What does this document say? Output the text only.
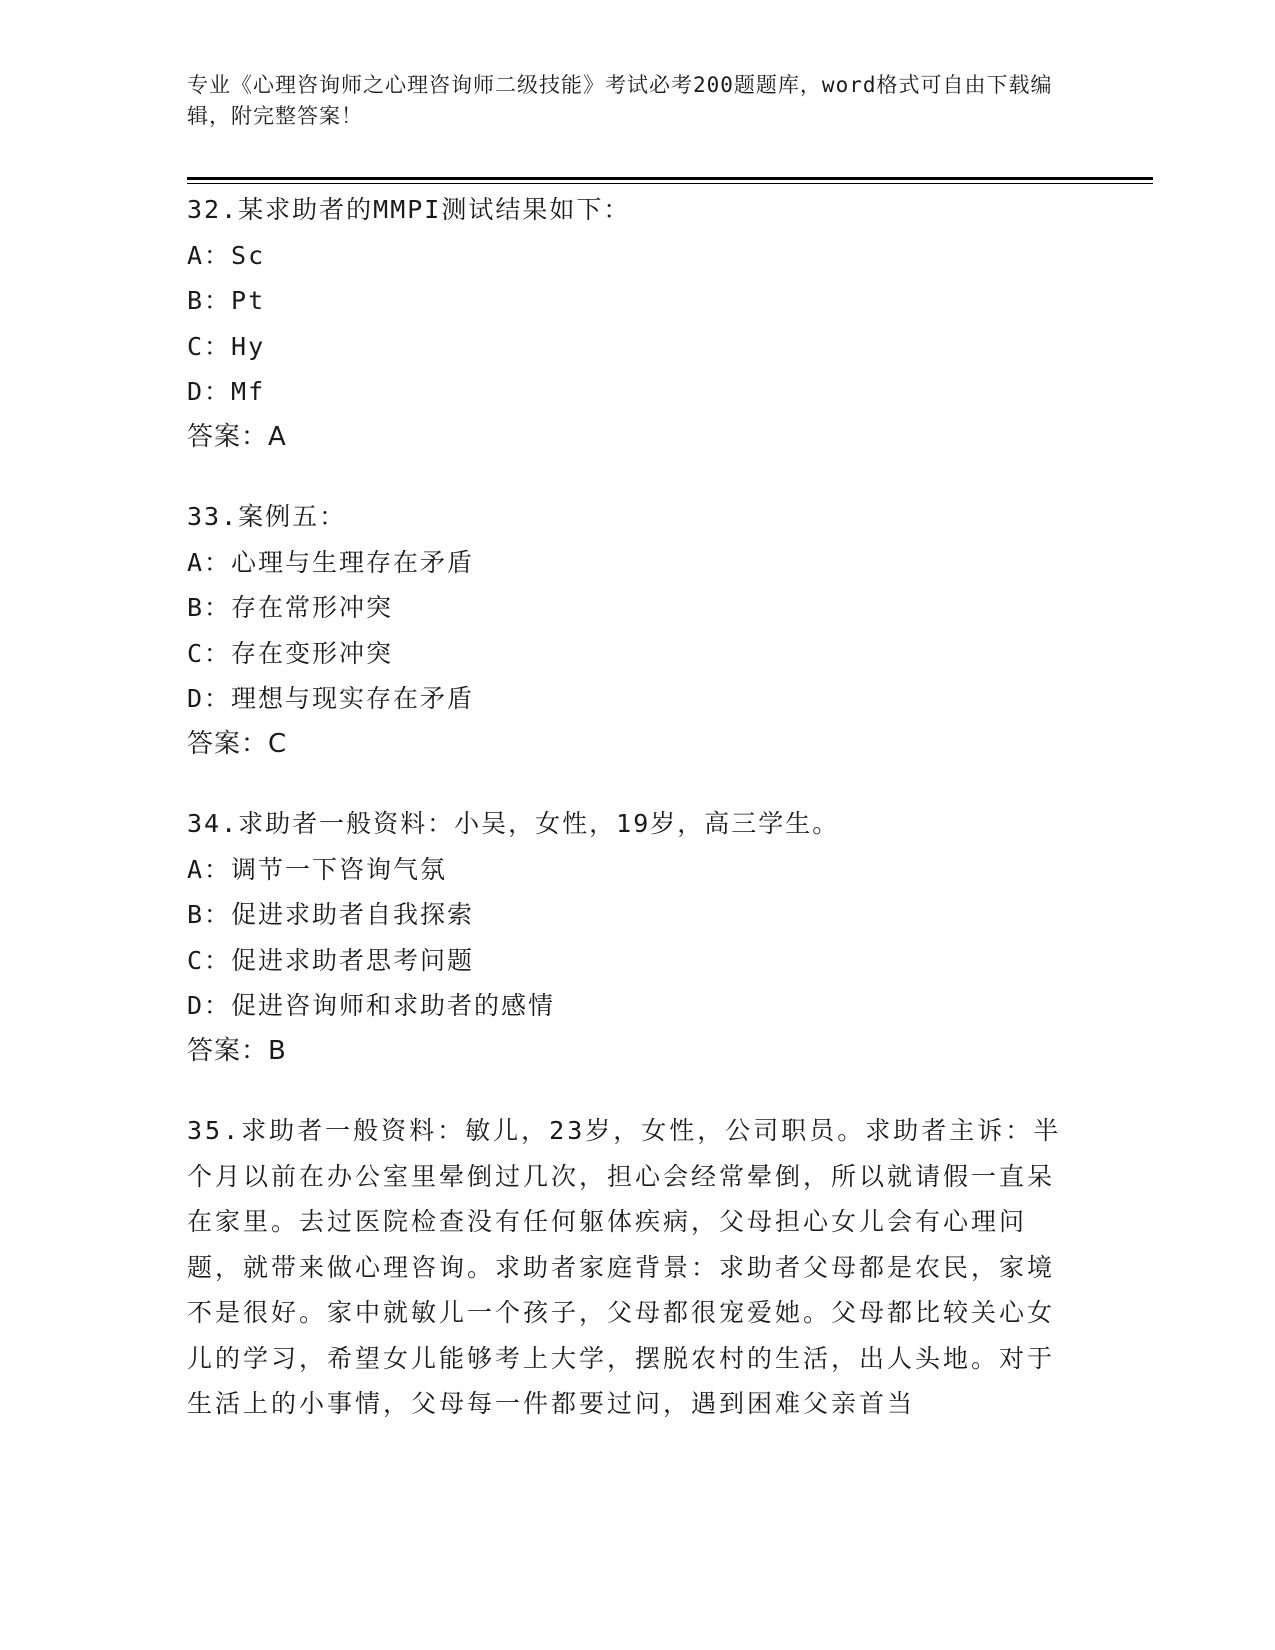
专业《心理咨询师之心理咨询师二级技能》考试必考200题题库，word格式可自由下载编辑，附完整答案！
32.某求助者的MMPI测试结果如下：
A：Sc
B：Pt
C：Hy
D：Mf
答案：A
33.案例五：
A：心理与生理存在矛盾
B：存在常形冲突
C：存在变形冲突
D：理想与现实存在矛盾
答案：C
34.求助者一般资料：小吴，女性，19岁，高三学生。
A：调节一下咨询气氛
B：促进求助者自我探索
C：促进求助者思考问题
D：促进咨询师和求助者的感情
答案：B
35.求助者一般资料：敏儿，23岁，女性，公司职员。求助者主诉：半个月以前在办公室里晕倒过几次，担心会经常晕倒，所以就请假一直呆在家里。去过医院检查没有任何躯体疾病，父母担心女儿会有心理问题，就带来做心理咨询。求助者家庭背景：求助者父母都是农民，家境不是很好。家中就敏儿一个孩子，父母都很宠爱她。父母都比较关心女儿的学习，希望女儿能够考上大学，摆脱农村的生活，出人头地。对于生活上的小事情，父母每一件都要过问，遇到困难父亲首当
